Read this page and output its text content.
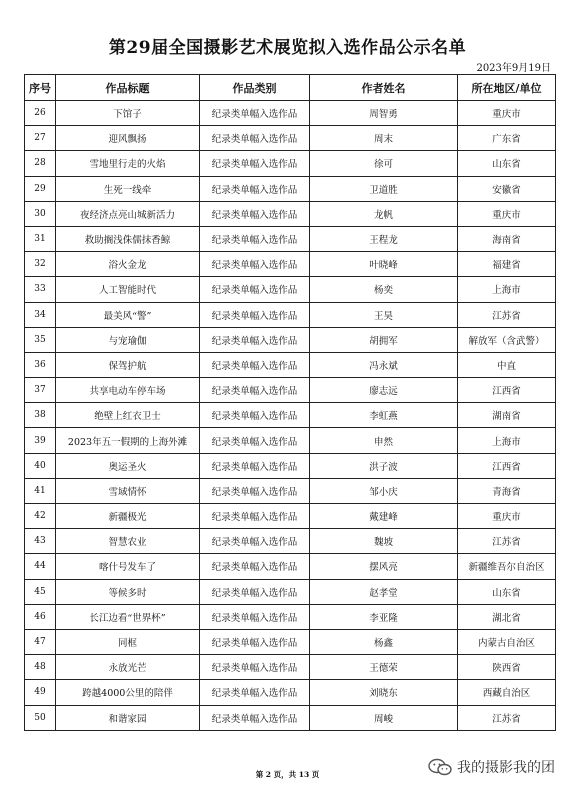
第29届全国摄影艺术展览拟入选作品公示名单
2023年9月19日
序号	作品标题	作品类别	作者姓名	所在地区/单位
26	下馆子	纪录类单幅入选作品	周智勇	重庆市
27	迎风飘扬	纪录类单幅入选作品	周末	广东省
28	雪地里行走的火焰	纪录类单幅入选作品	徐可	山东省
29	生死一线牵	纪录类单幅入选作品	卫道胜	安徽省
30	夜经济点亮山城新活力	纪录类单幅入选作品	龙帆	重庆市
31	救助搁浅侏儒抹香鲸	纪录类单幅入选作品	王程龙	海南省
32	浴火金龙	纪录类单幅入选作品	叶晓峰	福建省
33	人工智能时代	纪录类单幅入选作品	杨奕	上海市
34	最美风“警”	纪录类单幅入选作品	王昊	江苏省
35	与宠瑜伽	纪录类单幅入选作品	胡拥军	解放军（含武警）
36	保驾护航	纪录类单幅入选作品	冯永斌	中直
37	共享电动车停车场	纪录类单幅入选作品	廖志远	江西省
38	绝壁上红衣卫士	纪录类单幅入选作品	李虹燕	湖南省
39	2023年五一假期的上海外滩	纪录类单幅入选作品	申然	上海市
40	奥运圣火	纪录类单幅入选作品	洪子波	江西省
41	雪域情怀	纪录类单幅入选作品	邹小庆	青海省
42	新疆极光	纪录类单幅入选作品	戴建峰	重庆市
43	智慧农业	纪录类单幅入选作品	魏坡	江苏省
44	喀什号发车了	纪录类单幅入选作品	摆风亮	新疆维吾尔自治区
45	等候多时	纪录类单幅入选作品	赵孝堂	山东省
46	长江边看“世界杯”	纪录类单幅入选作品	李亚隆	湖北省
47	同框	纪录类单幅入选作品	杨鑫	内蒙古自治区
48	永放光芒	纪录类单幅入选作品	王德荣	陕西省
49	跨越4000公里的陪伴	纪录类单幅入选作品	刘晓东	西藏自治区
50	和谐家园	纪录类单幅入选作品	周峻	江苏省
第 2 页，共 13 页	我的摄影我的团
